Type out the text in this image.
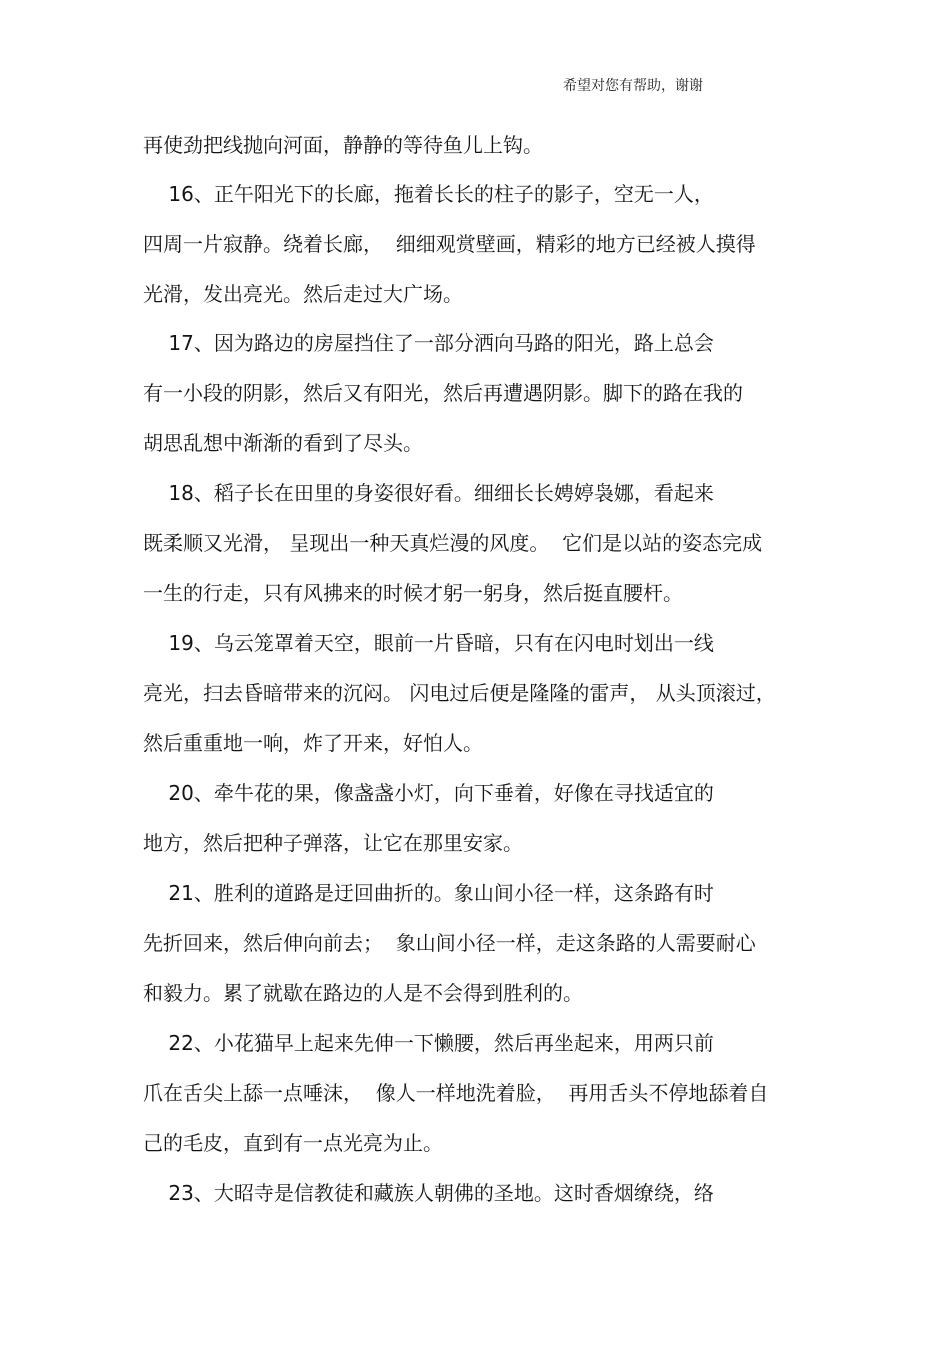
希望对您有帮助，谢谢
再使劲把线抛向河面，静静的等待鱼儿上钩。
16、正午阳光下的长廊，拖着长长的柱子的影子，空无一人，
四周一片寂静。绕着长廊，  细细观赏壁画，精彩的地方已经被人摸得
光滑，发出亮光。然后走过大广场。
17、因为路边的房屋挡住了一部分洒向马路的阳光，路上总会
有一小段的阴影，然后又有阳光，然后再遭遇阴影。脚下的路在我的
胡思乱想中渐渐的看到了尽头。
18、稻子长在田里的身姿很好看。细细长长娉婷袅娜，看起来
既柔顺又光滑， 呈现出一种天真烂漫的风度。  它们是以站的姿态完成
一生的行走，只有风拂来的时候才躬一躬身，然后挺直腰杆。
19、乌云笼罩着天空，眼前一片昏暗，只有在闪电时划出一线
亮光，扫去昏暗带来的沉闷。 闪电过后便是隆隆的雷声， 从头顶滚过，
然后重重地一响，炸了开来，好怕人。
20、牵牛花的果，像盏盏小灯，向下垂着，好像在寻找适宜的
地方，然后把种子弹落，让它在那里安家。
21、胜利的道路是迂回曲折的。象山间小径一样，这条路有时
先折回来，然后伸向前去；  象山间小径一样，走这条路的人需要耐心
和毅力。累了就歇在路边的人是不会得到胜利的。
22、小花猫早上起来先伸一下懒腰，然后再坐起来，用两只前
爪在舌尖上舔一点唾沫，  像人一样地洗着脸，  再用舌头不停地舔着自
己的毛皮，直到有一点光亮为止。
23、大昭寺是信教徒和藏族人朝佛的圣地。这时香烟缭绕，络
